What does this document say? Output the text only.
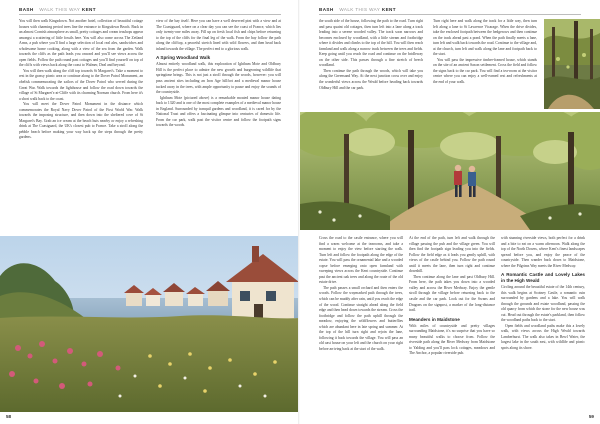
BASH WALK THIS WAY KENT

You will then walk Kingsdown. Not another hotel, collection of beautiful cottage houses with charming period trees line the entrance to Kingsdown Beach. Back in an almost Cornish atmosphere as small, pretty cottages and cream teashops appear amongst a scattering of little fossils here. You will also come across The Zetland Arms, a pub where you'll find a large selection of local real ales, sandwiches and wholesome home cooking, along with a view of the sea from the garden. Walk towards the cliffs as the path leads you onward and you'll see views across the open fields. Follow the path round past cottages and you'll find yourself on top of the cliffs with views back along the coast to Walmer, Deal and beyond.

You will then walk along the cliff top towards St Margaret's. Take a moment to rest in the grassy picnic area or continue along to the Dover Patrol Monument, an obelisk commemorating the sailors of the Dover Patrol who served during the Great War. Walk towards the lighthouse and follow the road down towards the village of St Margaret's-at-Cliffe with its charming Norman church. From here it's a short walk back to the coast.

You will meet the Dover Patrol Monument in the distance which commemorates the Royal Navy Dover Patrol of the First World War. Walk towards the imposing structure, and then down into the sheltered cove of St Margaret's Bay. Grab an ice cream at the beach huts nearby or enjoy a refreshing drink at The Coastguard, the UK's closest pub to France. Take a stroll along the pebble beach before making your way back up the steps through the pretty gardens.

view of the bay itself. Here you can have a well deserved pint with a view and at The Coastguard, where on a clear day you can see the coast of France, which lies only twenty-one miles away. Fill up on fresh local fish and chips before returning to the top of the cliffs for the final leg of the walk. From the bay follow the path along the clifftop, a peaceful stretch lined with wild flowers, and then head back inland towards the village. The perfect end to a glorious walk.

A Spring Woodland Walk

Almost entirely woodland walk, this exploration of Ightham Mote and Oldbury Hill is the perfect place to admire the new growth and burgeoning wildlife that springtime brings. This is not just a stroll through the woods, however: you will pass ancient sites including an Iron Age hillfort and a medieval manor house tucked away in the trees, with ample opportunity to pause and enjoy the sounds of the countryside.

Ightham Mote (pictured above) is a remarkable moated manor house dating back to 1320 and is one of the most complete examples of a medieval manor house in England. Surrounded by tranquil gardens and woodland, it is cared for by the National Trust and offers a fascinating glimpse into centuries of domestic life. From the car park, walk past the visitor centre and follow the footpath signs towards the woods.

58
BASH WALK THIS WAY KENT

the south side of the house, following the path to the road. Turn right and pass quaint old cottages, then turn left into a lane along a track leading into a serene wooded valley. The track soon narrows and becomes enclosed by woodland, with a little stream and footbridge where it divides and climbs to the top of the hill. You will then reach farmland and walk along a narrow track between the trees and fields. Keep going until you reach the road and continue on the bridleway on the other side. This passes through a fine stretch of beech woodland.

Then continue the path through the woods, which will take you along the Greensand Way. At the next junction cross over and enjoy the wonderful views across the Weald before heading back towards Oldbury Hill and the car park.

Turn right here and walk along the track for a little way, then turn left along a lane to St Lawrence Vicarage. When the drive divides, take the enclosed footpath between the hedgerows and then continue on the track ahead past a pond. When the path finally meets a lane, turn left and walk back towards the road. Continue to the village and, at the church, turn left and walk along the lane and footpath back to the start.

You will pass the impressive timber-framed house, which stands on the site of an ancient Saxon settlement. Cross the field and follow the signs back to the car park. You will find a tea-room at the visitor centre where you can enjoy a well-earned rest and refreshments at the end of your walk.

Cross the road to the castle entrance, where you will find a warm welcome at the tearooms, and take a moment to enjoy the view before starting the walk. Turn left and follow the footpath along the edge of the estate. You will pass the ornamental lake and a wooded copse before emerging onto open farmland with sweeping views across the Kent countryside. Continue past the ancient oak trees and along the route of the old estate drive.

The path passes a small orchard and then enters the woods. Follow the waymarked path through the trees, which can be muddy after rain, until you reach the edge of the wood. Continue straight ahead along the field edge and then head down towards the stream. Cross the footbridge and follow the path uphill through the meadow, enjoying the wildflowers and butterflies which are abundant here in late spring and summer. At the top of the hill turn right and rejoin the lane, following it back towards the village. You will pass an old oast house on your left and the church on your right before arriving back at the start of the walk.

At the end of the path, turn left and walk through the village passing the pub and the village green. You will then find the footpath sign leading you into the fields. Follow the field edge as it leads you gently uphill, with views of the castle behind you. Follow the path round until it meets the lane, then turn right and continue downhill.

Then continue along the lane and past Oldbury Hill. From here, the path takes you down into a wooded valley and across the River Medway. Enjoy the gentle stroll through the village before returning back to the castle and the car park. Look out for the Swans and Dragons on the signpost, a marker of the long-distance trail.

Meanders in Maidstone

With miles of countryside and pretty villages surrounding Maidstone, it's no surprise that you have so many beautiful walks to choose from. Follow the riverside path along the River Medway from Maidstone to Yalding and you'll pass lock cottages, meadows and The Anchor, a popular riverside pub.

with stunning riverside views, both perfect for a drink and a bite to eat on a warm afternoon. Walk along the top of the North Downs, where Kent's finest landscapes spread before you, and enjoy the peace of the countryside. Then wander back down to Maidstone, where the Pilgrims Way meets the River Medway.

A Romantic Castle and Lovely Lakes in the High Weald

Circling around the beautiful estate of the 14th century, this walk begins at Scotney Castle, a romantic ruin surrounded by gardens and a lake. You will walk through the grounds and estate woodland, passing the old quarry from which the stone for the new house was cut. Head out through the estate's parkland, then follow the woodland paths back to the start.

Open fields and woodland paths make this a lovely walk, with views across the High Weald towards Lamberhurst. The walk also takes in Bewl Water, the largest lake in the south east, with wildlife and picnic spots along its shore.

59
